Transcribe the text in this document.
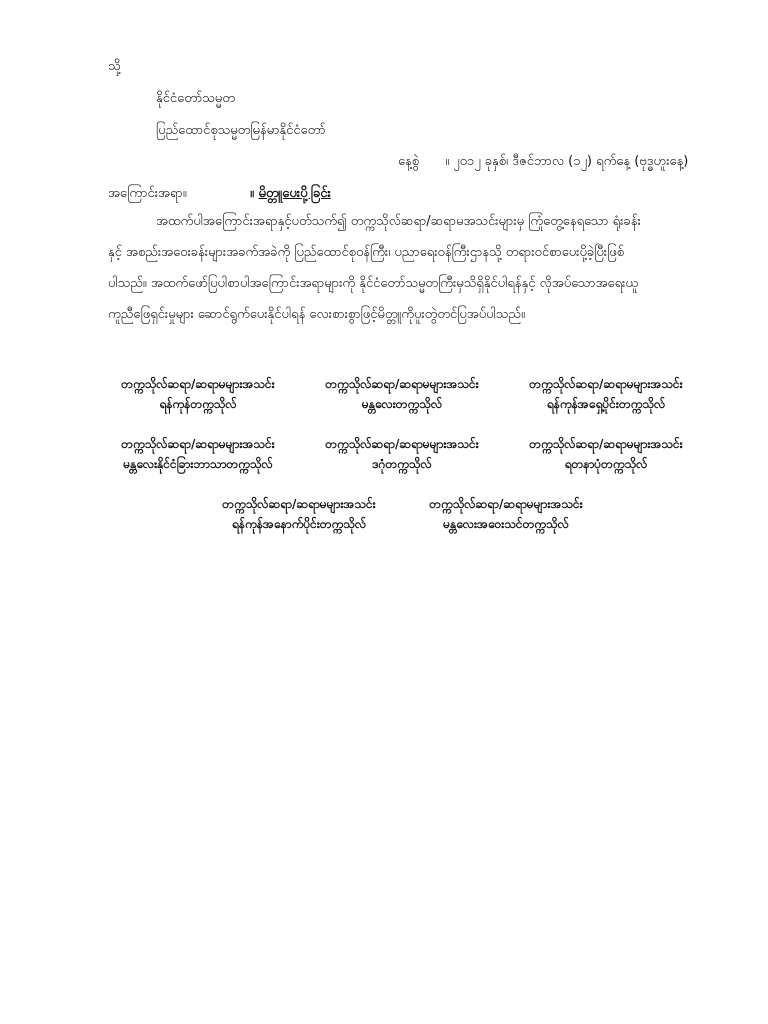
သို့
နိုင်ငံတော်သမ္မတ
ပြည်ထောင်စုသမ္မတမြန်မာနိုင်ငံတော်
နေ့စွဲ ။ ၂၀၁၂ ခုနှစ်၊ ဒီဇင်ဘာလ (၁၂) ရက်နေ့ (ဗုဒ္ဓဟူးနေ့)
အကြောင်းအရာ။	။ မိတ္တူပေးပို့ခြင်း
အထက်ပါအကြောင်းအရာနှင့်ပတ်သက်၍ တက္ကသိုလ်ဆရာ/ဆရာမအသင်းများမှ ကြုံတွေ့နေရသော ရုံးခန်း
နှင့် အစည်းအဝေးခန်းများအခက်အခဲကို ပြည်ထောင်စုဝန်ကြီး၊ ပညာရေးဝန်ကြီးဌာနသို့ တရားဝင်စာပေးပို့ခဲ့ပြီးဖြစ်
ပါသည်။ အထက်ဖော်ပြပါစာပါအကြောင်းအရာများကို နိုင်ငံတော်သမ္မတကြီးမှသိရှိနိုင်ပါရန်နှင့် လိုအပ်သောအရေးယူ
ကူညီဖြေရှင်းမှုများ ဆောင်ရွက်ပေးနိုင်ပါရန် လေးစားစွာဖြင့်မိတ္တူကိုပူးတွဲတင်ပြအပ်ပါသည်။
တက္ကသိုလ်ဆရာ/ဆရာမများအသင်း
ရန်ကုန်တက္ကသိုလ်
တက္ကသိုလ်ဆရာ/ဆရာမများအသင်း
မန္တလေးတက္ကသိုလ်
တက္ကသိုလ်ဆရာ/ဆရာမများအသင်း
ရန်ကုန်အရှေ့ပိုင်းတက္ကသိုလ်
တက္ကသိုလ်ဆရာ/ဆရာမများအသင်း
မန္တလေးနိုင်ငံခြားဘာသာတက္ကသိုလ်
တက္ကသိုလ်ဆရာ/ဆရာမများအသင်း
ဒဂုံတက္ကသိုလ်
တက္ကသိုလ်ဆရာ/ဆရာမများအသင်း
ရတနာပုံတက္ကသိုလ်
တက္ကသိုလ်ဆရာ/ဆရာမများအသင်း
ရန်ကုန်အနောက်ပိုင်းတက္ကသိုလ်
တက္ကသိုလ်ဆရာ/ဆရာမများအသင်း
မန္တလေးအဝေးသင်တက္ကသိုလ်
